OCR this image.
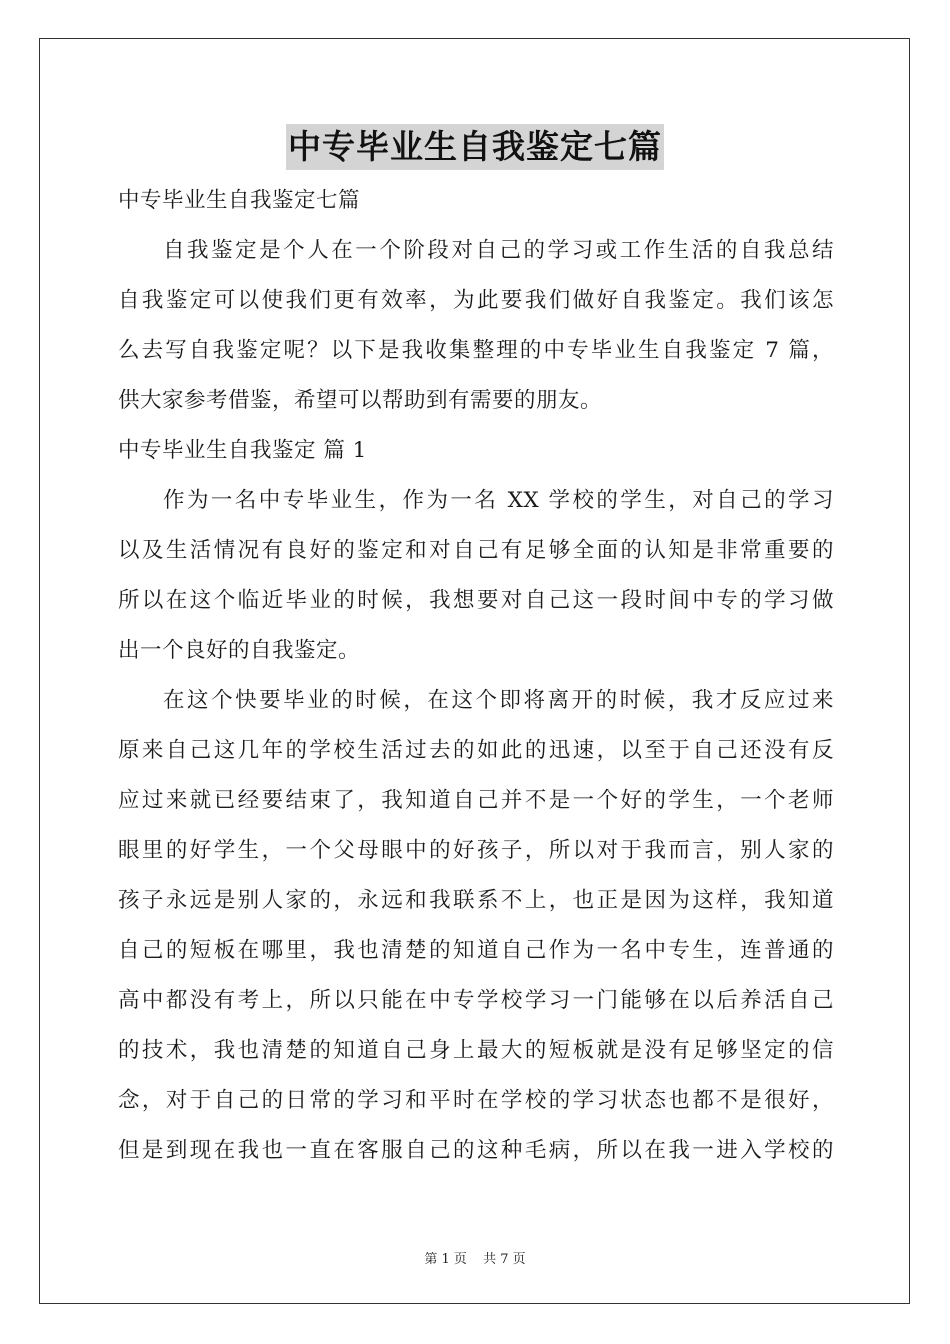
中专毕业生自我鉴定七篇
中专毕业生自我鉴定七篇
自我鉴定是个人在一个阶段对自己的学习或工作生活的自我总结
自我鉴定可以使我们更有效率，为此要我们做好自我鉴定。我们该怎
么去写自我鉴定呢？以下是我收集整理的中专毕业生自我鉴定 7 篇，
供大家参考借鉴，希望可以帮助到有需要的朋友。
中专毕业生自我鉴定 篇 1
作为一名中专毕业生，作为一名 XX 学校的学生，对自己的学习
以及生活情况有良好的鉴定和对自己有足够全面的认知是非常重要的
所以在这个临近毕业的时候，我想要对自己这一段时间中专的学习做
出一个良好的自我鉴定。
在这个快要毕业的时候，在这个即将离开的时候，我才反应过来
原来自己这几年的学校生活过去的如此的迅速，以至于自己还没有反
应过来就已经要结束了，我知道自己并不是一个好的学生，一个老师
眼里的好学生，一个父母眼中的好孩子，所以对于我而言，别人家的
孩子永远是别人家的，永远和我联系不上，也正是因为这样，我知道
自己的短板在哪里，我也清楚的知道自己作为一名中专生，连普通的
高中都没有考上，所以只能在中专学校学习一门能够在以后养活自己
的技术，我也清楚的知道自己身上最大的短板就是没有足够坚定的信
念，对于自己的日常的学习和平时在学校的学习状态也都不是很好，
但是到现在我也一直在客服自己的这种毛病，所以在我一进入学校的
第 1 页 共 7 页
